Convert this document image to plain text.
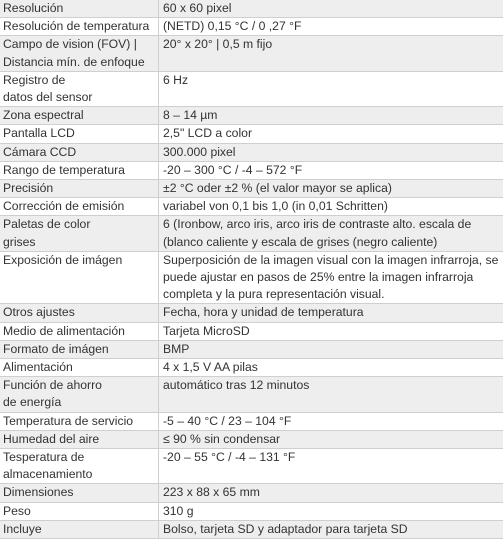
Resolución	60 x 60 pixel

Resolución de temperatura	(NETD) 0,15 °C / 0 ,27 °F

Campo de vision (FOV) |
Distancia mín. de enfoque	20° x 20° | 0,5 m fijo

Registro de
datos del sensor	6 Hz

Zona espectral	8 – 14 µm

Pantalla LCD	2,5" LCD a color

Cámara CCD	300.000 pixel

Rango de temperatura	-20 – 300 °C / -4 – 572 °F

Precisión	±2 °C oder ±2 % (el valor mayor se aplica)

Corrección de emisión	variabel von 0,1 bis 1,0 (in 0,01 Schritten)

Paletas de color
grises	6 (Ironbow, arco iris, arco iris de contraste alto. escala de
(blanco caliente y escala de grises (negro caliente)

Exposición de imágen	Superposición de la imagen visual con la imagen infrarroja, se
puede ajustar en pasos de 25% entre la imagen infrarroja
completa y la pura representación visual.

Otros ajustes	Fecha, hora y unidad de temperatura

Medio de alimentación	Tarjeta MicroSD

Formato de imágen	BMP

Alimentación	4 x 1,5 V AA pilas

Función de ahorro
de energía	automático tras 12 minutos

Temperatura de servicio	-5 – 40 °C / 23 – 104 °F

Humedad del aire	≤ 90 % sin condensar

Tesperatura de
almacenamiento	-20 – 55 °C / -4 – 131 °F

Dimensiones	223 x 88 x 65 mm

Peso	310 g

Incluye	Bolso, tarjeta SD y adaptador para tarjeta SD
